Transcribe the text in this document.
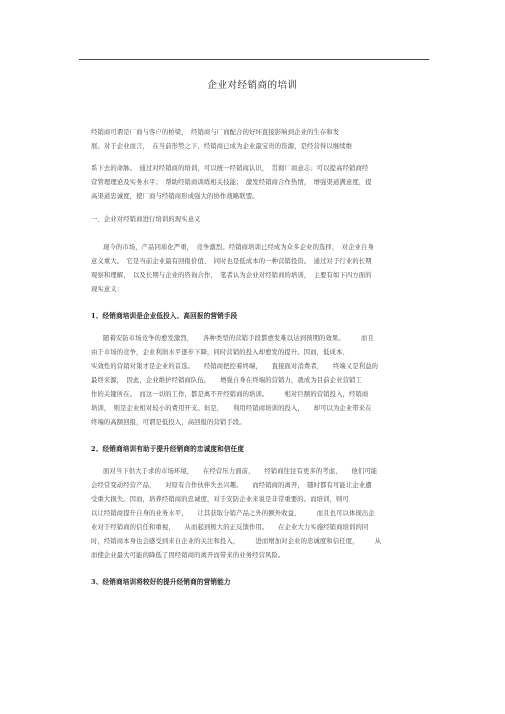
企业对经销商的培训
经销商可谓是厂商与客户的桥梁，　经销商与厂商配合的好坏直接影响到企业的生存和发
展。对于企业而言，　在当前形势之下，经销商已成为企业最宝贵的资源，是经营得以继续维
系下去的命脉。　通过对经销商的培训，可以统一经销商认识，　贯彻厂商意志；可以提高经销商经
营管理理论及实务水平；　帮助经销商训练相关技能；　激发经销商合作热情，　增强渠道满意度，提
高渠道忠诚度，使厂商与经销商形成强大的协作战略联盟。
一、企业对经销商进行培训的现实意义
现今的市场，产品同质化严重，　竞争激烈。经销商培训已经成为众多企业的选择，　对企业自身
意义重大。　它是当前企业最有回报价值、　同时也是低成本的一种营销投资。　通过对于行业的长期
观察和理解，　以及长期与企业的咨询合作，　笔者认为企业对经销商的培训，　主要有如下四方面的
现实意义：
1、经销商培训是企业低投入、高回报的营销手段
随着安防市场竞争的愈发激烈，　　各种类型的营销手段都愈发难以达到预期的效果。　　　而且
由于市场的竞争，企业利润水平逐步下降，同时营销的投入却愈发的提升。因而，低成本、
实效性的营销对策才是企业的首选。　　经销商把控着终端，　　直接面对消费者，　　终端又是利益的
最终来源，　因此，企业维护经销商队伍，　　增强自身在终端的营销力，就成为目前企业营销工
作的关键所在。　而这一切的工作，都是离不开经销商的培训。　　　相对巨额的营销投入，经销商
培训，　则是企业相对较小的费用开支。但是，　　利用经销商培训的投入，　　却可以为企业带来在
终端的高额回报，可谓是低投入、高回报的营销手段。
2、经销商培训有助于提升经销商的忠诚度和信任度
面对当下供大于求的市场环境，　　在经营压力面前，　　经销商往往有更多的考虑，　　他们可能
会经常变动经营产品，　　对原有合作伙伴失去兴趣。　　而经销商的离开，　随时都有可能让企业遭
受重大损失。因而，培养经销商的忠诚度，对于安防企业来说是非常重要的。而培训，则可
以让经销商提升自身的业务水平，　　让其获取分销产品之外的额外收益，　　　而且也可以体现出企
业对于经销商的信任和重视，　　从而起到极大的正反馈作用。　　在企业大力实施经销商培训的同
时，经销商本身也会感受到来自企业的关注和投入，　　　进而增加对企业的忠诚度和信任度，　　　从
而使企业最大可能的降低了因经销商的离开而带来的业务经营风险。
3、经销商培训将较好的提升经销商的营销能力
